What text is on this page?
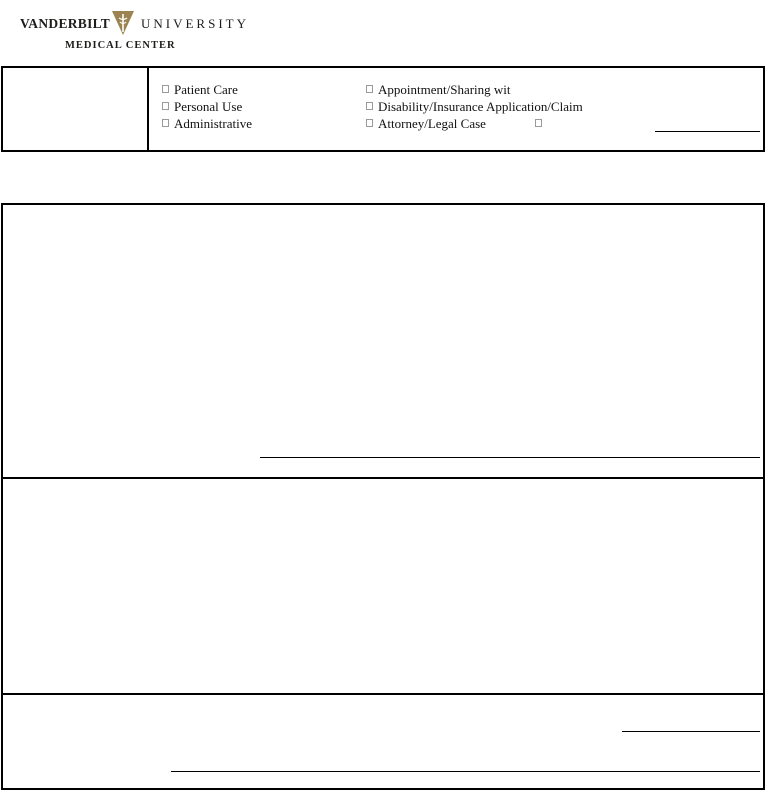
VANDERBILT UNIVERSITY
MEDICAL CENTER
Patient Care
Personal Use
Administrative
Appointment/Sharing wit
Disability/Insurance Application/Claim
Attorney/Legal Case
